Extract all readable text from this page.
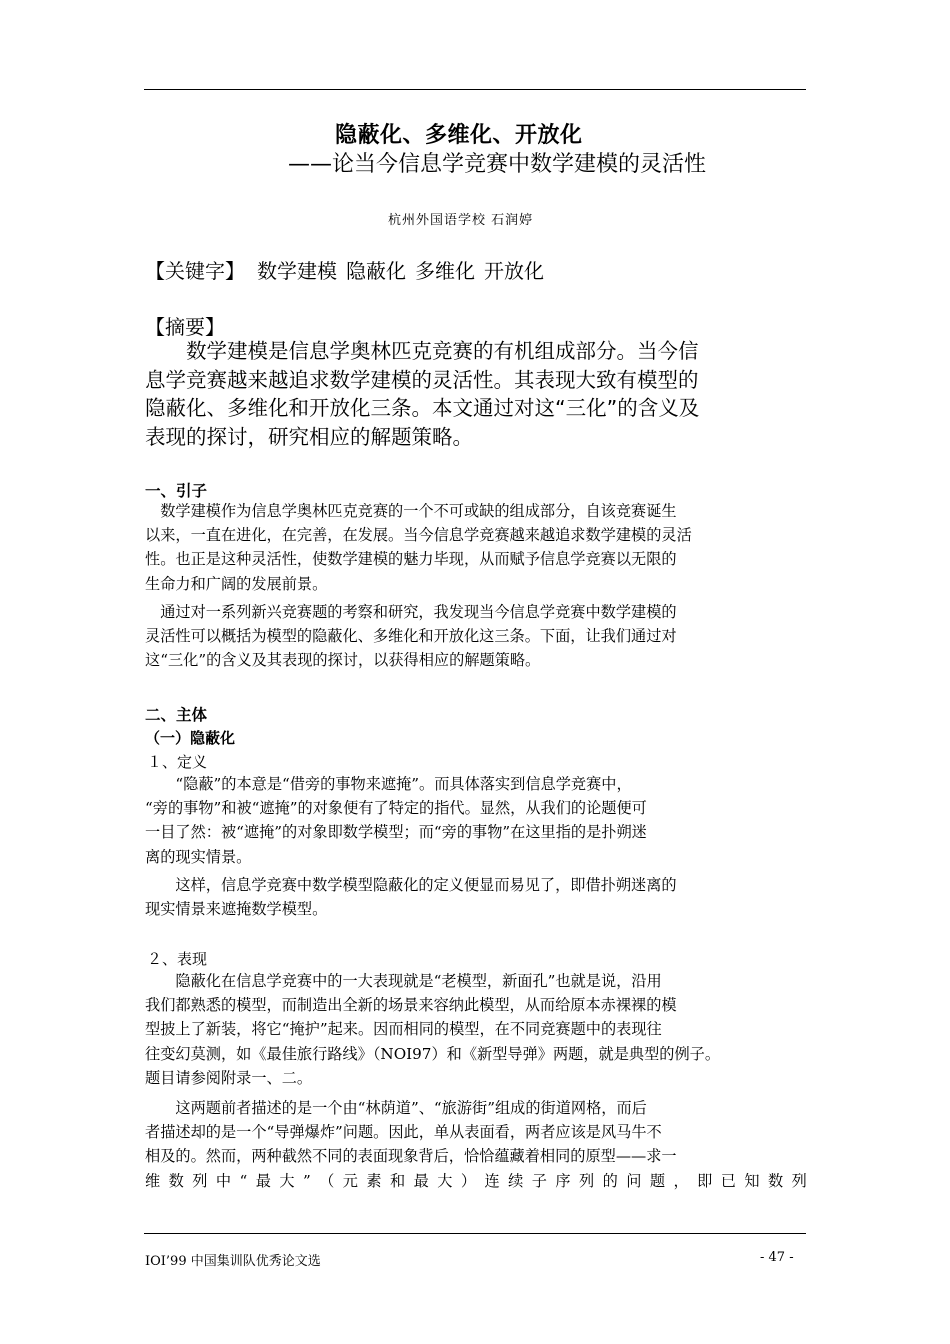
隐蔽化、多维化、开放化
——论当今信息学竞赛中数学建模的灵活性
杭州外国语学校 石润婷
【关键字】 数学建模 隐蔽化 多维化 开放化
【摘要】
　　数学建模是信息学奥林匹克竞赛的有机组成部分。当今信
息学竞赛越来越追求数学建模的灵活性。其表现大致有模型的
隐蔽化、多维化和开放化三条。本文通过对这“三化”的含义及
表现的探讨，研究相应的解题策略。
一、引子
　数学建模作为信息学奥林匹克竞赛的一个不可或缺的组成部分，自该竞赛诞生
以来，一直在进化，在完善，在发展。当今信息学竞赛越来越追求数学建模的灵活
性。也正是这种灵活性，使数学建模的魅力毕现，从而赋予信息学竞赛以无限的
生命力和广阔的发展前景。
　通过对一系列新兴竞赛题的考察和研究，我发现当今信息学竞赛中数学建模的
灵活性可以概括为模型的隐蔽化、多维化和开放化这三条。下面，让我们通过对
这“三化”的含义及其表现的探讨，以获得相应的解题策略。
二、主体
（一）隐蔽化
１、定义
　　“隐蔽”的本意是“借旁的事物来遮掩”。而具体落实到信息学竞赛中，
“旁的事物”和被“遮掩”的对象便有了特定的指代。显然，从我们的论题便可
一目了然：被“遮掩”的对象即数学模型；而“旁的事物”在这里指的是扑朔迷
离的现实情景。
　　这样，信息学竞赛中数学模型隐蔽化的定义便显而易见了，即借扑朔迷离的
现实情景来遮掩数学模型。
２、表现
　　隐蔽化在信息学竞赛中的一大表现就是“老模型，新面孔”也就是说，沿用
我们都熟悉的模型，而制造出全新的场景来容纳此模型，从而给原本赤裸裸的模
型披上了新装，将它“掩护”起来。因而相同的模型，在不同竞赛题中的表现往
往变幻莫测，如《最佳旅行路线》（NOI97）和《新型导弹》两题，就是典型的例子。
题目请参阅附录一、二。
　　这两题前者描述的是一个由“林荫道”、“旅游街”组成的街道网格，而后
者描述却的是一个“导弹爆炸”问题。因此，单从表面看，两者应该是风马牛不
相及的。然而，两种截然不同的表面现象背后，恰恰蕴藏着相同的原型——求一
维 数 列 中 “ 最 大 ” （ 元 素 和 最 大 ） 连 续 子 序 列 的 问 题 ， 即 已 知 数 列
IOI’99 中国集训队优秀论文选	- 47 -
